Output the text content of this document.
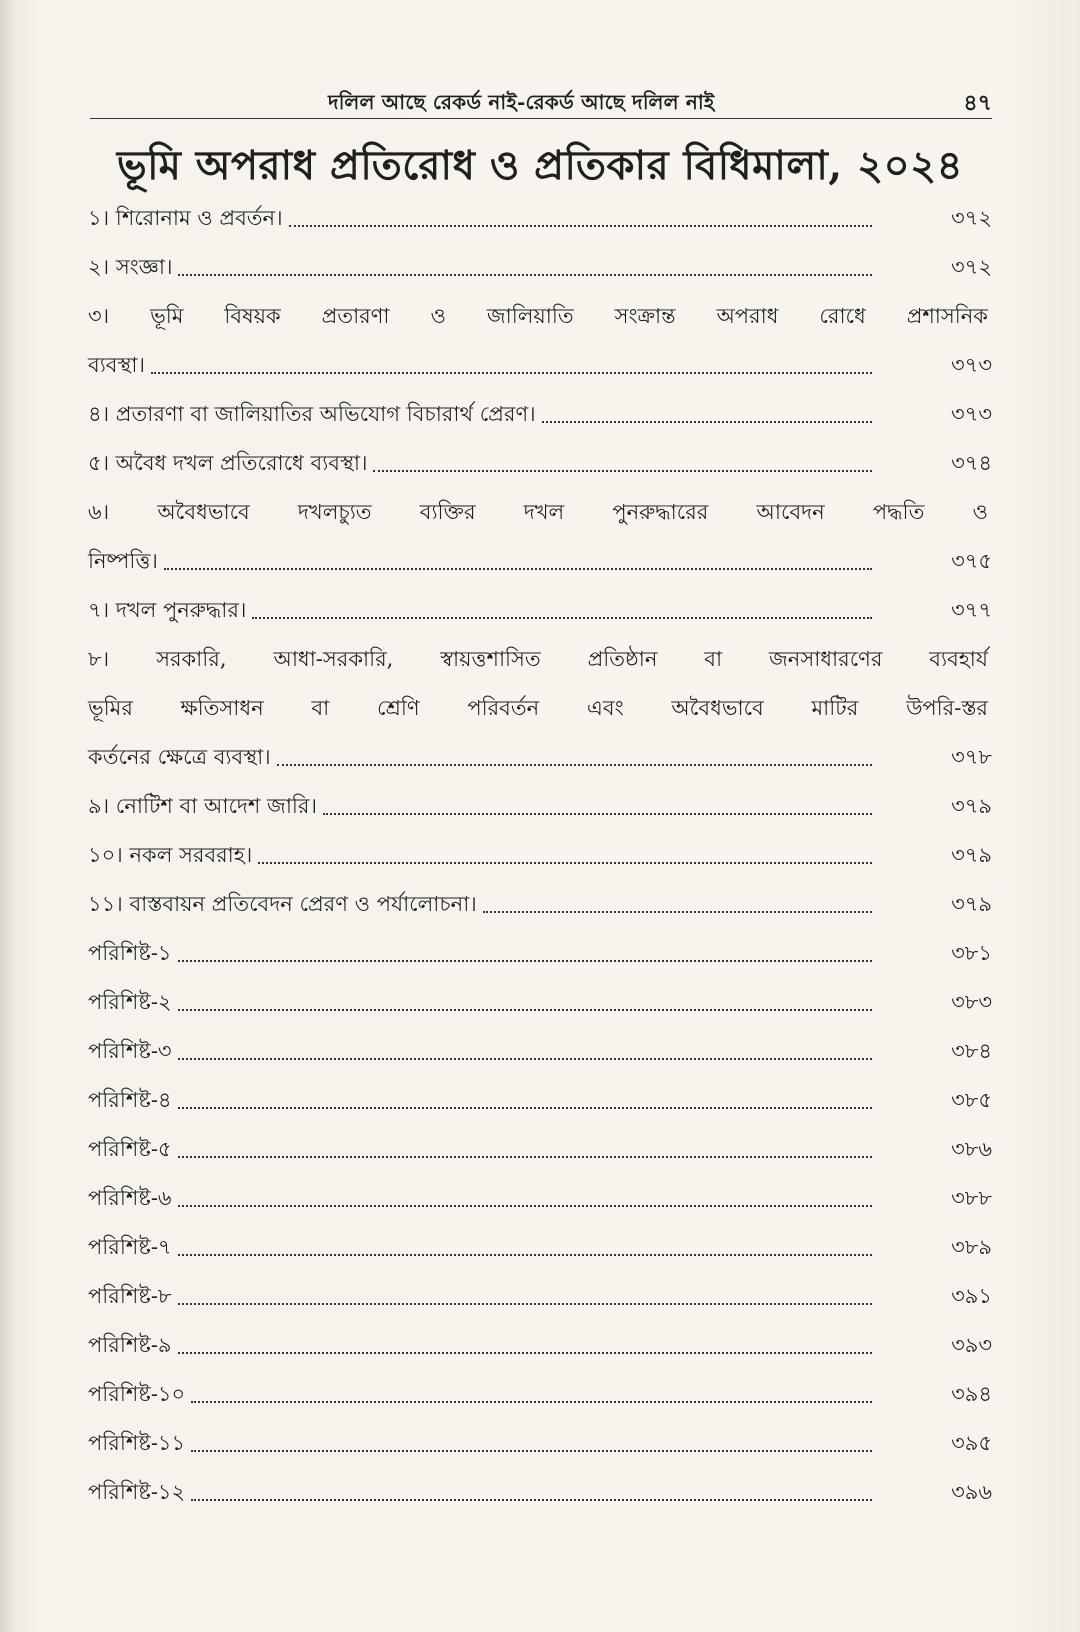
দলিল আছে রেকর্ড নাই-রেকর্ড আছে দলিল নাই	৪৭
ভূমি অপরাধ প্রতিরোধ ও প্রতিকার বিধিমালা, ২০২৪
১। শিরোনাম ও প্রবর্তন।	৩৭২
২। সংজ্ঞা।	৩৭২
৩। ভূমি বিষয়ক প্রতারণা ও জালিয়াতি সংক্রান্ত অপরাধ রোধে প্রশাসনিক
ব্যবস্থা।	৩৭৩
৪। প্রতারণা বা জালিয়াতির অভিযোগ বিচারার্থ প্রেরণ।	৩৭৩
৫। অবৈধ দখল প্রতিরোধে ব্যবস্থা।	৩৭৪
৬। অবৈধভাবে দখলচ্যুত ব্যক্তির দখল পুনরুদ্ধারের আবেদন পদ্ধতি ও
নিষ্পত্তি।	৩৭৫
৭। দখল পুনরুদ্ধার।	৩৭৭
৮। সরকারি, আধা-সরকারি, স্বায়ত্তশাসিত প্রতিষ্ঠান বা জনসাধারণের ব্যবহার্য
ভূমির ক্ষতিসাধন বা শ্রেণি পরিবর্তন এবং অবৈধভাবে মাটির উপরি-স্তর
কর্তনের ক্ষেত্রে ব্যবস্থা।	৩৭৮
৯। নোটিশ বা আদেশ জারি।	৩৭৯
১০। নকল সরবরাহ।	৩৭৯
১১। বাস্তবায়ন প্রতিবেদন প্রেরণ ও পর্যালোচনা।	৩৭৯
পরিশিষ্ট-১	৩৮১
পরিশিষ্ট-২	৩৮৩
পরিশিষ্ট-৩	৩৮৪
পরিশিষ্ট-৪	৩৮৫
পরিশিষ্ট-৫	৩৮৬
পরিশিষ্ট-৬	৩৮৮
পরিশিষ্ট-৭	৩৮৯
পরিশিষ্ট-৮	৩৯১
পরিশিষ্ট-৯	৩৯৩
পরিশিষ্ট-১০	৩৯৪
পরিশিষ্ট-১১	৩৯৫
পরিশিষ্ট-১২	৩৯৬
